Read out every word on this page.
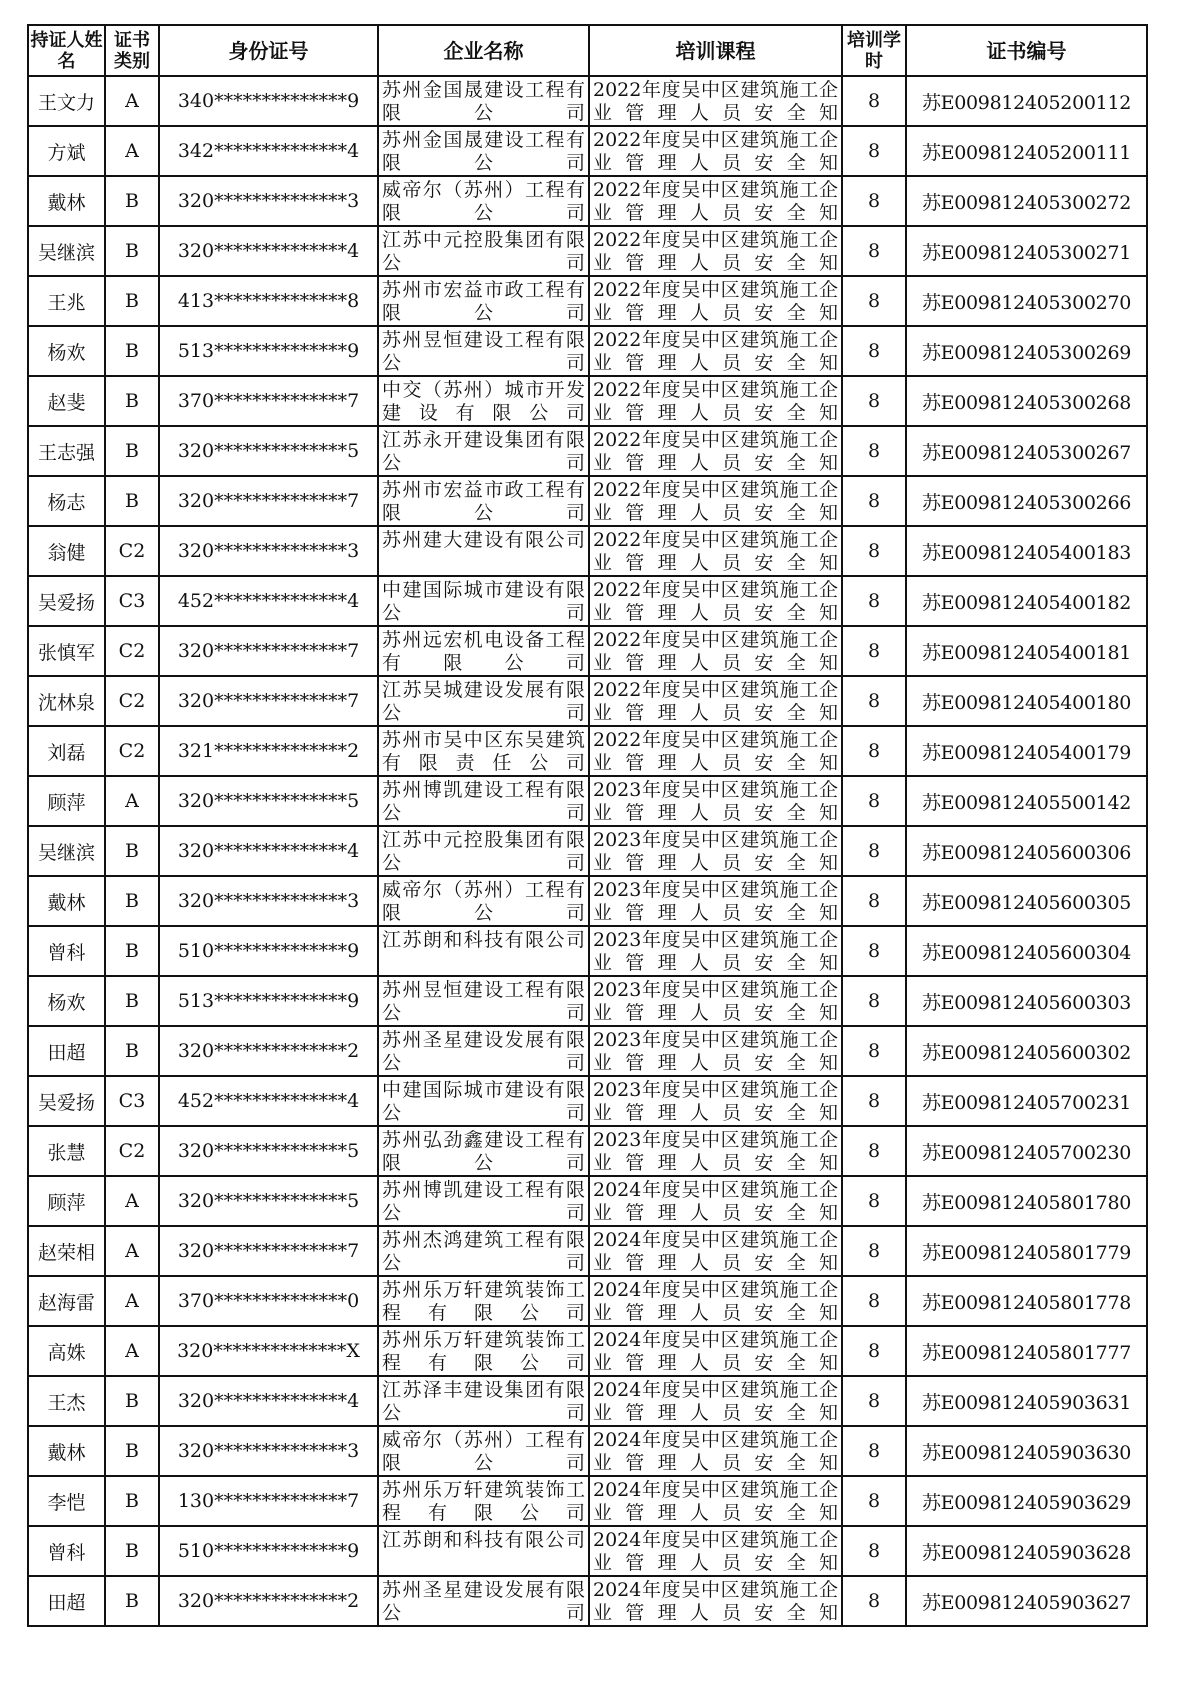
持证人姓名	证书类别	身份证号	企业名称	培训课程	培训学时	证书编号
王文力	A	340**************9	苏州金国晟建设工程有限公司	2022年度吴中区建筑施工企业管理人员安全知	8	苏E009812405200112
方斌	A	342**************4	苏州金国晟建设工程有限公司	2022年度吴中区建筑施工企业管理人员安全知	8	苏E009812405200111
戴林	B	320**************3	威帝尔（苏州）工程有限公司	2022年度吴中区建筑施工企业管理人员安全知	8	苏E009812405300272
吴继滨	B	320**************4	江苏中元控股集团有限公司	2022年度吴中区建筑施工企业管理人员安全知	8	苏E009812405300271
王兆	B	413**************8	苏州市宏益市政工程有限公司	2022年度吴中区建筑施工企业管理人员安全知	8	苏E009812405300270
杨欢	B	513**************9	苏州昱恒建设工程有限公司	2022年度吴中区建筑施工企业管理人员安全知	8	苏E009812405300269
赵斐	B	370**************7	中交（苏州）城市开发建设有限公司	2022年度吴中区建筑施工企业管理人员安全知	8	苏E009812405300268
王志强	B	320**************5	江苏永开建设集团有限公司	2022年度吴中区建筑施工企业管理人员安全知	8	苏E009812405300267
杨志	B	320**************7	苏州市宏益市政工程有限公司	2022年度吴中区建筑施工企业管理人员安全知	8	苏E009812405300266
翁健	C2	320**************3	苏州建大建设有限公司	2022年度吴中区建筑施工企业管理人员安全知	8	苏E009812405400183
吴爱扬	C3	452**************4	中建国际城市建设有限公司	2022年度吴中区建筑施工企业管理人员安全知	8	苏E009812405400182
张慎军	C2	320**************7	苏州远宏机电设备工程有限公司	2022年度吴中区建筑施工企业管理人员安全知	8	苏E009812405400181
沈林泉	C2	320**************7	江苏吴城建设发展有限公司	2022年度吴中区建筑施工企业管理人员安全知	8	苏E009812405400180
刘磊	C2	321**************2	苏州市吴中区东吴建筑有限责任公司	2022年度吴中区建筑施工企业管理人员安全知	8	苏E009812405400179
顾萍	A	320**************5	苏州博凯建设工程有限公司	2023年度吴中区建筑施工企业管理人员安全知	8	苏E009812405500142
吴继滨	B	320**************4	江苏中元控股集团有限公司	2023年度吴中区建筑施工企业管理人员安全知	8	苏E009812405600306
戴林	B	320**************3	威帝尔（苏州）工程有限公司	2023年度吴中区建筑施工企业管理人员安全知	8	苏E009812405600305
曾科	B	510**************9	江苏朗和科技有限公司	2023年度吴中区建筑施工企业管理人员安全知	8	苏E009812405600304
杨欢	B	513**************9	苏州昱恒建设工程有限公司	2023年度吴中区建筑施工企业管理人员安全知	8	苏E009812405600303
田超	B	320**************2	苏州圣星建设发展有限公司	2023年度吴中区建筑施工企业管理人员安全知	8	苏E009812405600302
吴爱扬	C3	452**************4	中建国际城市建设有限公司	2023年度吴中区建筑施工企业管理人员安全知	8	苏E009812405700231
张慧	C2	320**************5	苏州弘劲鑫建设工程有限公司	2023年度吴中区建筑施工企业管理人员安全知	8	苏E009812405700230
顾萍	A	320**************5	苏州博凯建设工程有限公司	2024年度吴中区建筑施工企业管理人员安全知	8	苏E009812405801780
赵荣相	A	320**************7	苏州杰鸿建筑工程有限公司	2024年度吴中区建筑施工企业管理人员安全知	8	苏E009812405801779
赵海雷	A	370**************0	苏州乐万轩建筑装饰工程有限公司	2024年度吴中区建筑施工企业管理人员安全知	8	苏E009812405801778
高姝	A	320**************X	苏州乐万轩建筑装饰工程有限公司	2024年度吴中区建筑施工企业管理人员安全知	8	苏E009812405801777
王杰	B	320**************4	江苏泽丰建设集团有限公司	2024年度吴中区建筑施工企业管理人员安全知	8	苏E009812405903631
戴林	B	320**************3	威帝尔（苏州）工程有限公司	2024年度吴中区建筑施工企业管理人员安全知	8	苏E009812405903630
李恺	B	130**************7	苏州乐万轩建筑装饰工程有限公司	2024年度吴中区建筑施工企业管理人员安全知	8	苏E009812405903629
曾科	B	510**************9	江苏朗和科技有限公司	2024年度吴中区建筑施工企业管理人员安全知	8	苏E009812405903628
田超	B	320**************2	苏州圣星建设发展有限公司	2024年度吴中区建筑施工企业管理人员安全知	8	苏E009812405903627
